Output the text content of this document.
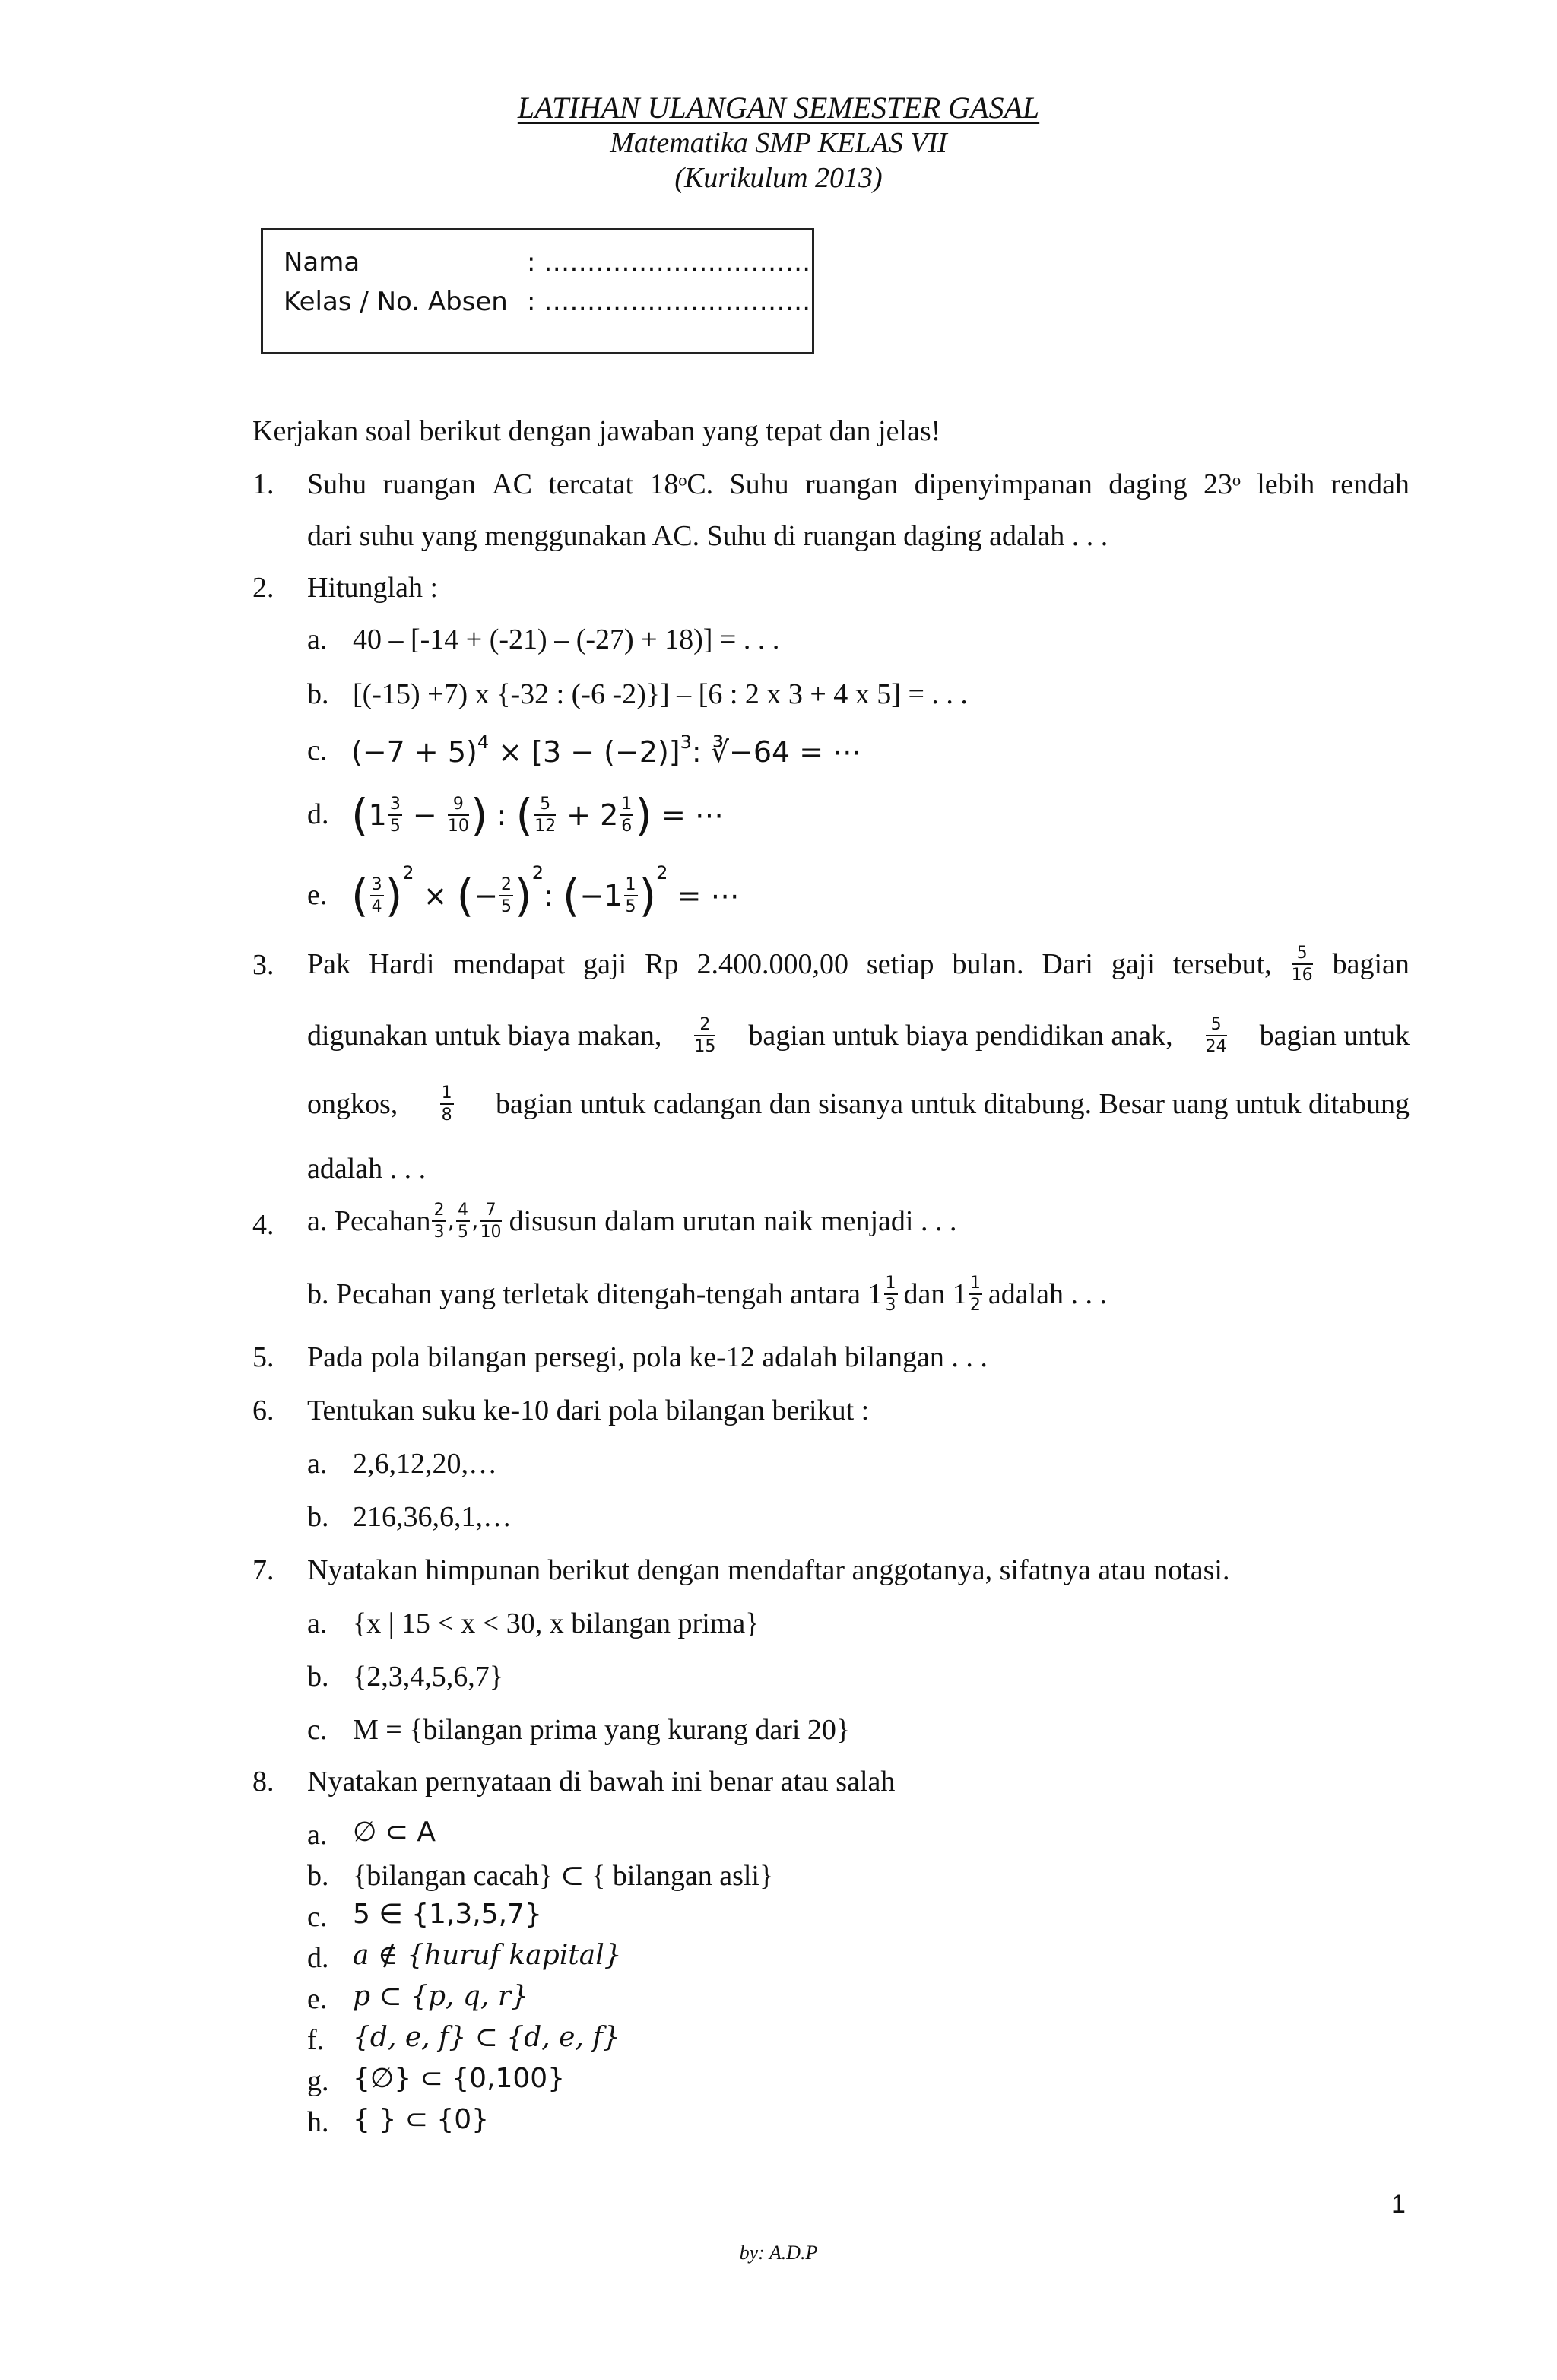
LATIHAN ULANGAN SEMESTER GASAL
Matematika SMP KELAS VII
(Kurikulum 2013)
Nama	: ………………………….
Kelas / No. Absen : ………………………….
Kerjakan soal berikut dengan jawaban yang tepat dan jelas!
1. Suhu ruangan AC tercatat 18ᵒC. Suhu ruangan dipenyimpanan daging 23ᵒ lebih rendah
dari suhu yang menggunakan AC. Suhu di ruangan daging adalah . . .
2. Hitunglah :
a. 40 – [-14 + (-21) – (-27) + 18)] = . . .
b. [(-15) +7) x {-32 : (-6 -2)}] – [6 : 2 x 3 + 4 x 5] = . . .
c. $(-7 + 5)^4 \times [3 - (-2)]^3$: ∛−64 = ⋯
d. ( $1 \frac{3}{5} - \frac{9}{10}$ ) : ( $\frac{5}{12} + 2 \frac{1}{6}$ ) = ⋯
e. ( $\frac{3}{4}$ ) 2
× ( − $\frac{2}{5}$ ) 2
: ( $-1 \frac{1}{5}$ ) 2
= ⋯
3. Pak Hardi mendapat gaji Rp 2.400.000,00 setiap bulan. Dari gaji tersebut, $\frac{5}{16}$ bagian
digunakan untuk biaya makan, $\frac{2}{15}$ bagian untuk biaya pendidikan anak, $\frac{5}{24}$ bagian untuk
ongkos,	$\frac{1}{8}$ bagian untuk cadangan dan sisanya untuk ditabung. Besar uang untuk ditabung
adalah . . .
4. a. Pecahan $\frac{2}{3}$ , $\frac{4}{5}$ , $\frac{7}{10}$ disusun dalam urutan naik menjadi . . .
b. Pecahan yang terletak ditengah-tengah antara $1 \frac{1}{3}$ dan $1 \frac{1}{2}$ adalah . . .
5. Pada pola bilangan persegi, pola ke-12 adalah bilangan . . .
6. Tentukan suku ke-10 dari pola bilangan berikut :
a. 2,6,12,20,…
b. 216,36,6,1,…
7. Nyatakan himpunan berikut dengan mendaftar anggotanya, sifatnya atau notasi.
a. {x | 15 < x < 30, x bilangan prima}
b. {2,3,4,5,6,7}
c. M = {bilangan prima yang kurang dari 20}
8. Nyatakan pernyataan di bawah ini benar atau salah
a. ∅ ⊂ A
b. {bilangan cacah} ⊂ { bilangan asli}
c. 5 ∈ {1,3,5,7}
d. a ∉ {huruf kapital}
e. p ⊂ {p, q, r}
f. {d, e, f} ⊂ {d, e, f}
g. {∅} ⊂ {0,100}
h. { } ⊂ {0}
1
by: A.D.P
